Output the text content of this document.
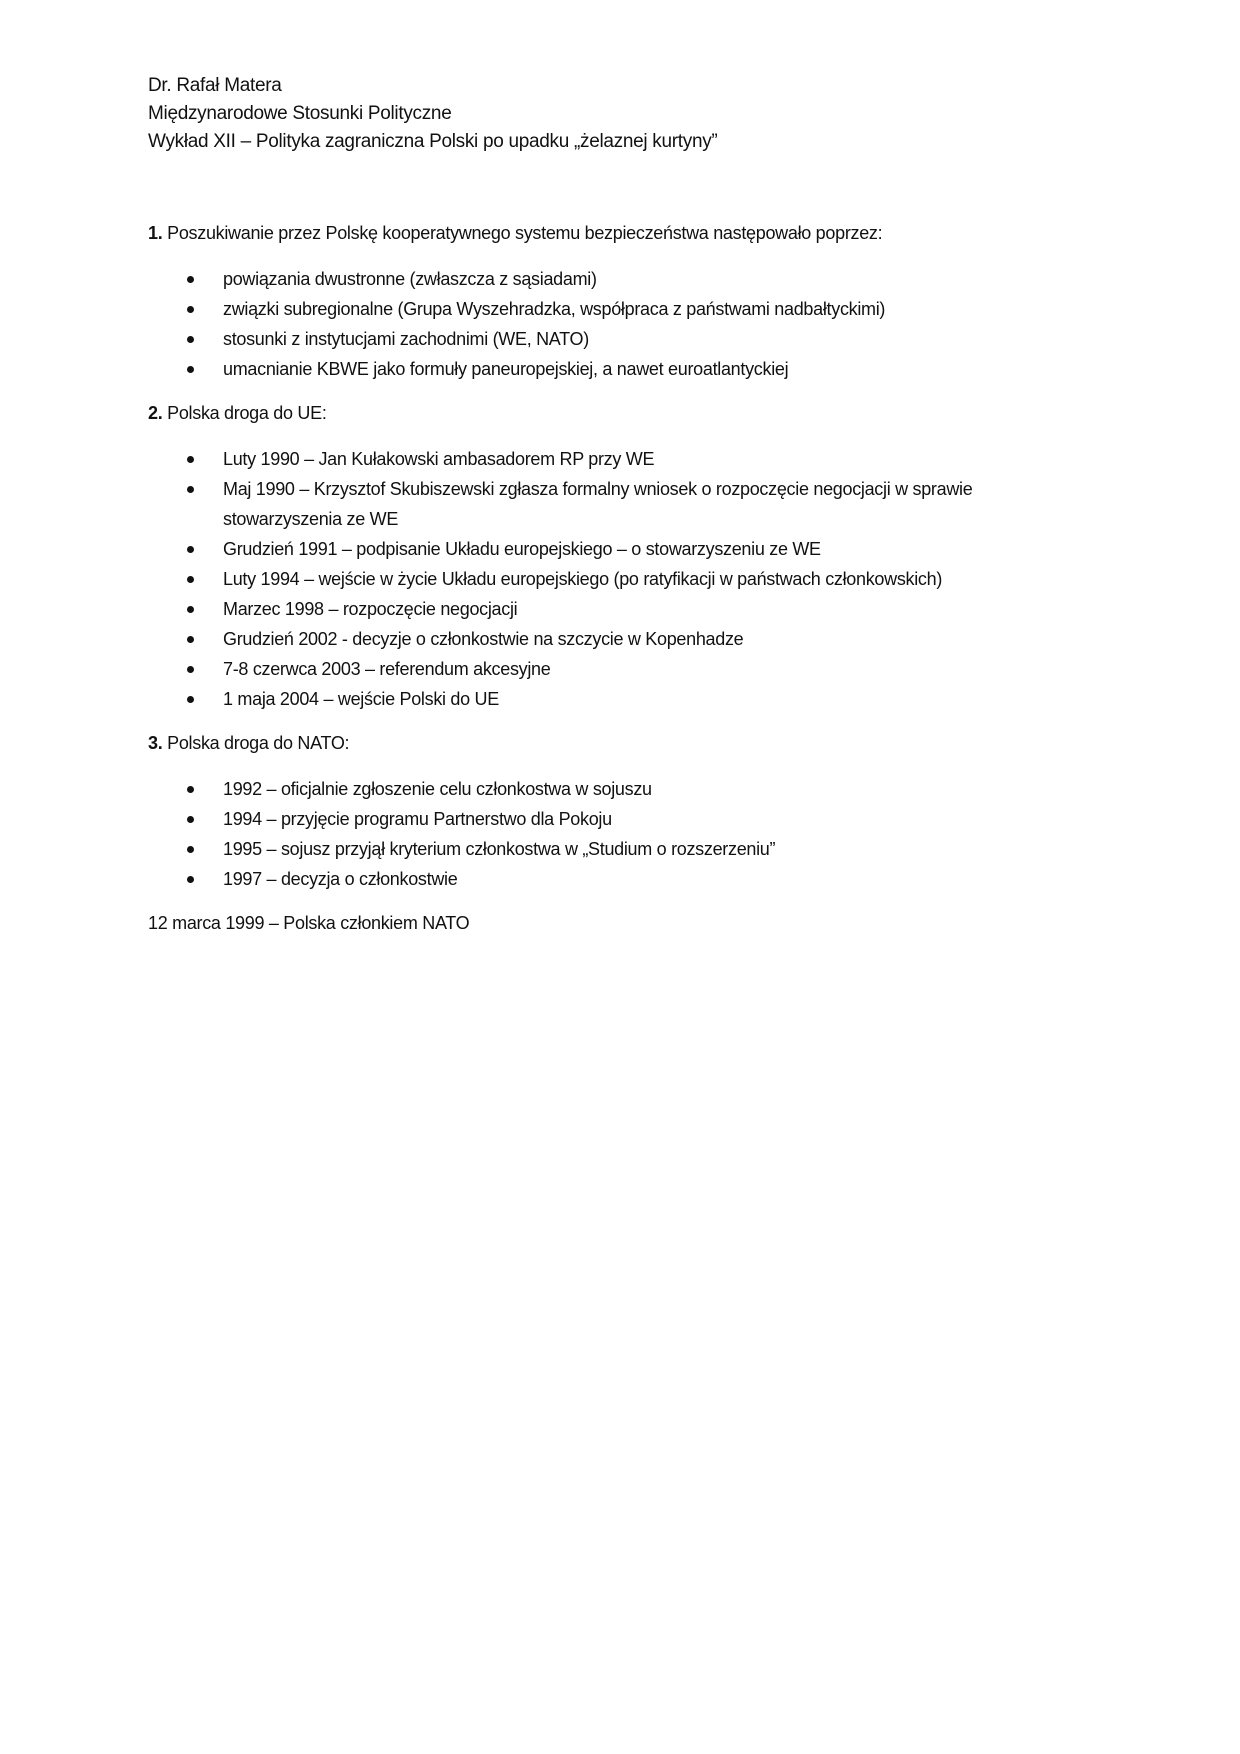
Dr. Rafał Matera
Międzynarodowe Stosunki Polityczne
Wykład XII – Polityka zagraniczna Polski po upadku „żelaznej kurtyny”
1. Poszukiwanie przez Polskę kooperatywnego systemu bezpieczeństwa następowało poprzez:
powiązania dwustronne (zwłaszcza z sąsiadami)
związki subregionalne (Grupa Wyszehradzka, współpraca z państwami nadbałtyckimi)
stosunki z instytucjami zachodnimi (WE, NATO)
umacnianie KBWE jako formuły paneuropejskiej, a nawet euroatlantyckiej
2. Polska droga do UE:
Luty 1990 – Jan Kułakowski ambasadorem RP przy WE
Maj 1990 – Krzysztof Skubiszewski zgłasza formalny wniosek o rozpoczęcie negocjacji w sprawie stowarzyszenia ze WE
Grudzień 1991 – podpisanie Układu europejskiego – o stowarzyszeniu ze WE
Luty 1994 – wejście w życie Układu europejskiego (po ratyfikacji w państwach członkowskich)
Marzec 1998 – rozpoczęcie negocjacji
Grudzień 2002 - decyzje o członkostwie na szczycie w Kopenhadze
7-8 czerwca 2003 – referendum akcesyjne
1 maja 2004 – wejście Polski do UE
3. Polska droga do NATO:
1992 – oficjalnie zgłoszenie celu członkostwa w sojuszu
1994 – przyjęcie programu Partnerstwo dla Pokoju
1995 – sojusz przyjął kryterium członkostwa w „Studium o rozszerzeniu”
1997 – decyzja o członkostwie
12 marca 1999 – Polska członkiem NATO
